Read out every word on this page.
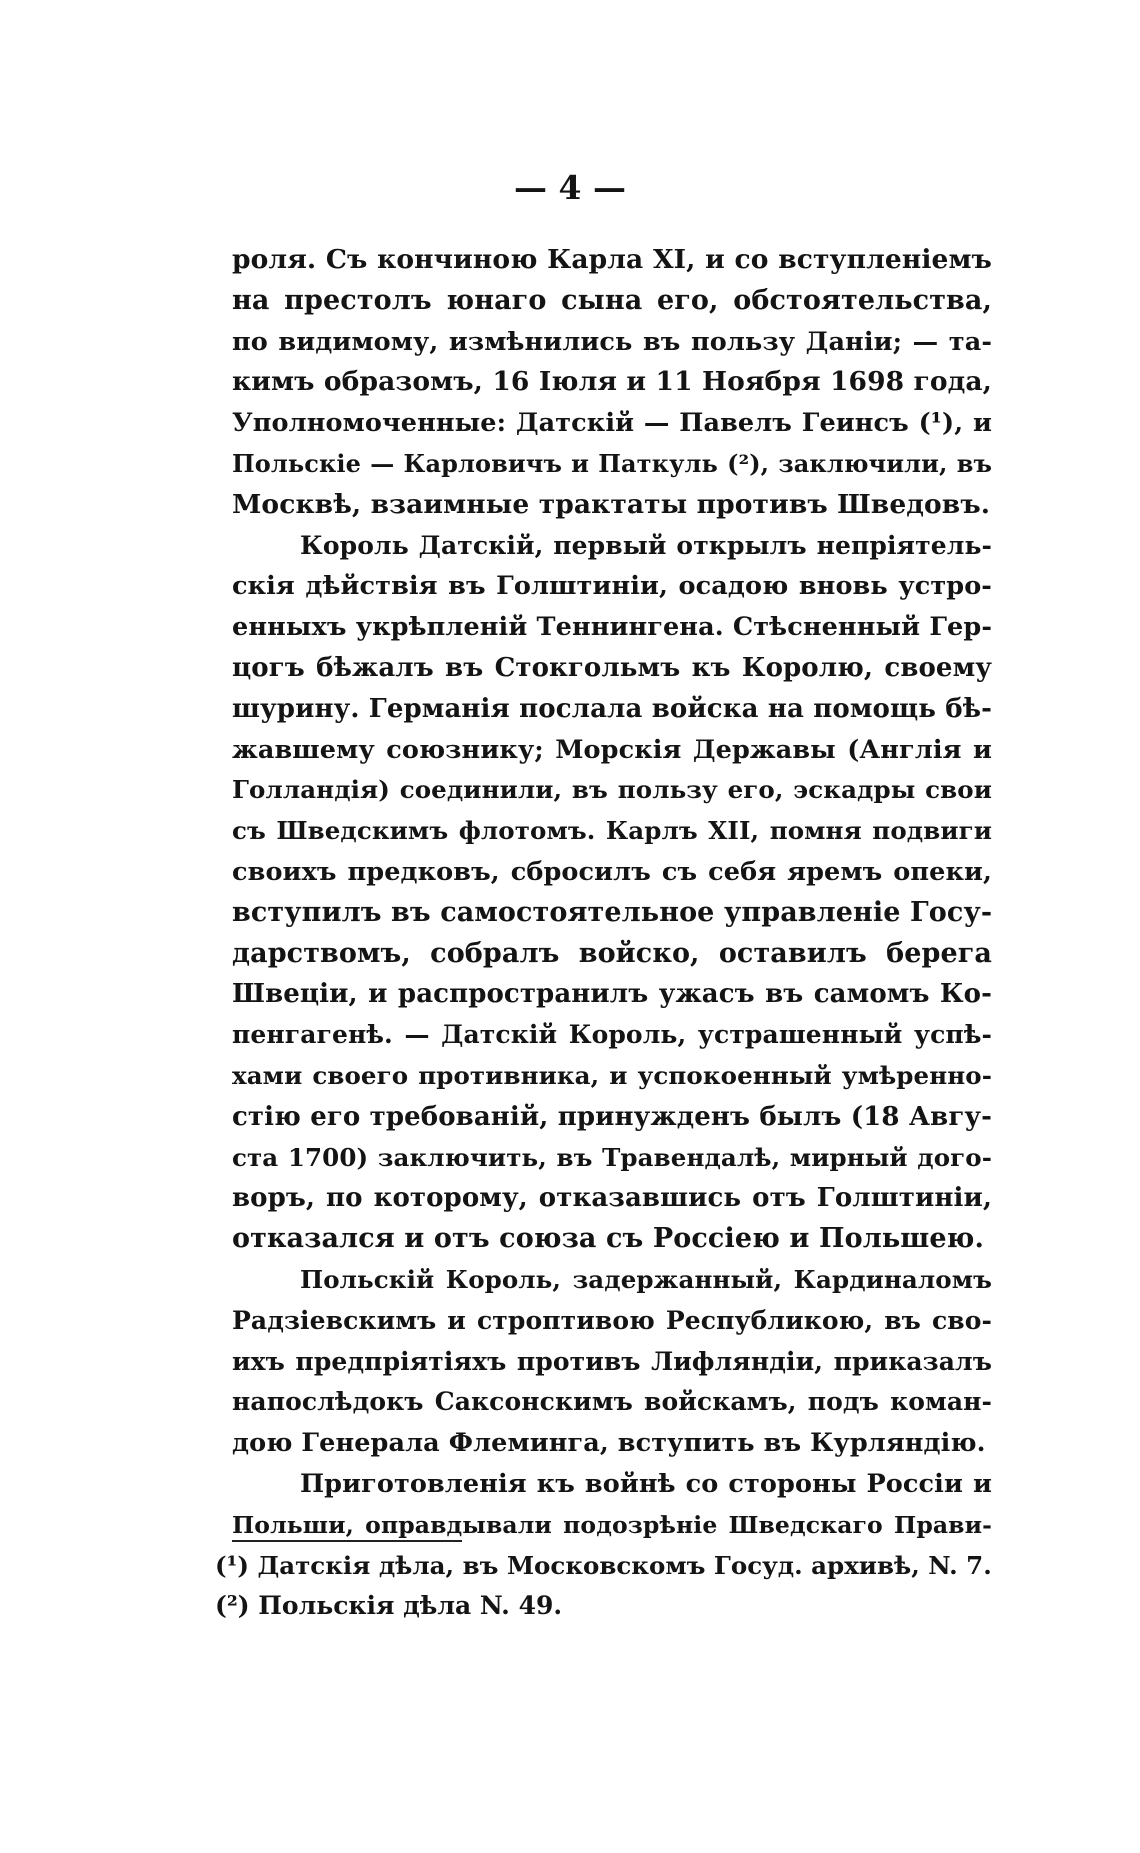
— 4 —
роля. Съ кончиною Карла XI, и со вступленіемъ
на престолъ юнаго сына его, обстоятельства,
по видимому, измѣнились въ пользу Даніи; — та-
кимъ образомъ, 16 Іюля и 11 Ноября 1698 года,
Уполномоченные: Датскій — Павелъ Геинсъ (¹), и
Польскіе — Карловичъ и Паткуль (²), заключили, въ
Москвѣ, взаимные трактаты противъ Шведовъ.
Король Датскій, первый открылъ непріятель-
скія дѣйствія въ Голштиніи, осадою вновь устро-
енныхъ укрѣпленій Теннингена. Стѣсненный Гер-
цогъ бѣжалъ въ Стокгольмъ къ Королю, своему
шурину. Германія послала войска на помощь бѣ-
жавшему союзнику; Морскія Державы (Англія и
Голландія) соединили, въ пользу его, эскадры свои
съ Шведскимъ флотомъ. Карлъ XII, помня подвиги
своихъ предковъ, сбросилъ съ себя яремъ опеки,
вступилъ въ самостоятельное управленіе Госу-
дарствомъ, собралъ войско, оставилъ берега
Швеціи, и распространилъ ужасъ въ самомъ Ко-
пенгагенѣ. — Датскій Король, устрашенный успѣ-
хами своего противника, и успокоенный умѣренно-
стію его требованій, принужденъ былъ (18 Авгу-
ста 1700) заключить, въ Травендалѣ, мирный дого-
воръ, по которому, отказавшись отъ Голштиніи,
отказался и отъ союза съ Россіею и Польшею.
Польскій Король, задержанный, Кардиналомъ
Радзіевскимъ и строптивою Республикою, въ сво-
ихъ предпріятіяхъ противъ Лифляндіи, приказалъ
напослѣдокъ Саксонскимъ войскамъ, подъ коман-
дою Генерала Флеминга, вступить въ Курляндію.
Приготовленія къ войнѣ со стороны Россіи и
Польши, оправдывали подозрѣніе Шведскаго Прави-
(¹) Датскія дѣла, въ Московскомъ Госуд. архивѣ, N. 7.
(²) Польскія дѣла N. 49.
